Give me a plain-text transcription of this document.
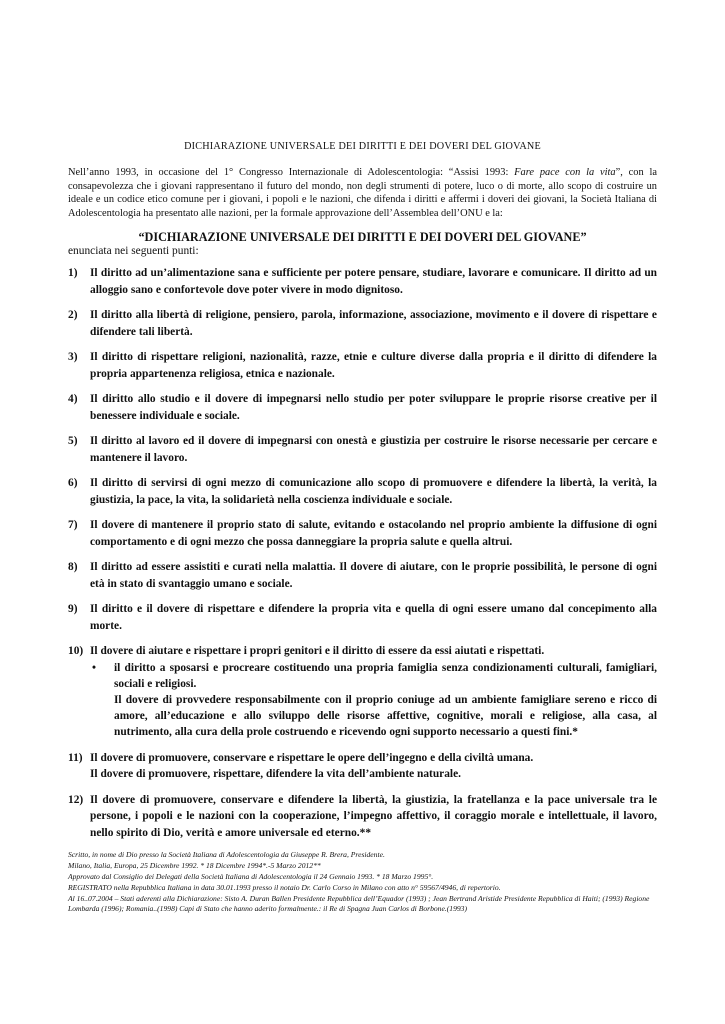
DICHIARAZIONE UNIVERSALE DEI DIRITTI E DEI DOVERI DEL GIOVANE

Nell’anno 1993, in occasione del 1° Congresso Internazionale di Adolescentologia: “Assisi 1993: Fare pace con la vita”, con la consapevolezza che i giovani rappresentano il futuro del mondo, non degli strumenti di potere, luco o di morte, allo scopo di costruire un ideale e un codice etico comune per i giovani, i popoli e le nazioni, che difenda i diritti e affermi i doveri dei giovani, la Società Italiana di Adolescentologia ha presentato alle nazioni, per la formale approvazione dell’Assemblea dell’ONU e la:

“DICHIARAZIONE UNIVERSALE DEI DIRITTI E DEI DOVERI DEL GIOVANE”
enunciata nei seguenti punti:
1)	Il diritto ad un’alimentazione sana e sufficiente per potere pensare, studiare, lavorare e comunicare. Il diritto ad un alloggio sano e confortevole dove poter vivere in modo dignitoso.
2)	Il diritto alla libertà di religione, pensiero, parola, informazione, associazione, movimento e il dovere di rispettare e difendere tali libertà.
3)	Il diritto di rispettare religioni, nazionalità, razze, etnie e culture diverse dalla propria e il diritto di difendere la propria appartenenza religiosa, etnica e nazionale.
4)	Il diritto allo studio e il dovere di impegnarsi nello studio per poter sviluppare le proprie risorse creative per il benessere individuale e sociale.
5)	Il diritto al lavoro ed il dovere di impegnarsi con onestà e giustizia per costruire le risorse necessarie per cercare e mantenere il lavoro.
6)	Il diritto di servirsi di ogni mezzo di comunicazione allo scopo di promuovere e difendere la libertà, la verità, la giustizia, la pace, la vita, la solidarietà nella coscienza individuale e sociale.
7)	Il dovere di mantenere il proprio stato di salute, evitando e ostacolando nel proprio ambiente la diffusione di ogni comportamento e di ogni mezzo che possa danneggiare la propria salute e quella altrui.
8)	Il diritto ad essere assistiti e curati nella malattia. Il dovere di aiutare, con le proprie possibilità, le persone di ogni età in stato di svantaggio umano e sociale.
9)	Il diritto e il dovere di rispettare e difendere la propria vita e quella di ogni essere umano dal concepimento alla morte.
10) Il dovere di aiutare e rispettare i propri genitori e il diritto di essere da essi aiutati e rispettati.
•	il diritto a sposarsi e procreare costituendo una propria famiglia senza condizionamenti culturali, famigliari, sociali e religiosi.
Il dovere di provvedere responsabilmente con il proprio coniuge ad un ambiente famigliare sereno e ricco di amore, all’educazione e allo sviluppo delle risorse affettive, cognitive, morali e religiose, alla casa, al nutrimento, alla cura della prole costruendo e ricevendo ogni supporto necessario a questi fini.*
11) Il dovere di promuovere, conservare e rispettare le opere dell’ingegno e della civiltà umana.
Il dovere di promuovere, rispettare, difendere la vita dell’ambiente naturale.
12) Il dovere di promuovere, conservare e difendere la libertà, la giustizia, la fratellanza e la pace universale tra le persone, i popoli e le nazioni con la cooperazione, l’impegno affettivo, il coraggio morale e intellettuale, il lavoro, nello spirito di Dio, verità e amore universale ed eterno.**
Scritto, in nome di Dio presso la Società Italiana di Adolescentologia da Giuseppe R. Brera, Presidente.
Milano, Italia, Europa, 25 Dicembre 1992. * 18 Dicembre 1994*.-5 Marzo 2012**
Approvato dal Consiglio dei Delegati della Società Italiana di Adolescentologia il 24 Gennaio 1993. * 18 Marzo 1995°.
REGISTRATO nella Repubblica Italiana in data 30.01.1993 presso il notaio Dr. Carlo Corso in Milano con atto n° 59567/4946, di repertorio.
Al 16..07.2004 – Stati aderenti alla Dichiarazione: Sisto A. Duran Ballen Presidente Repubblica dell’Equador (1993) ; Jean Bertrand Aristide Presidente Repubblica di Haiti; (1993) Regione Lombarda (1996); Romania..(1998) Capi di Stato che hanno aderito formalmente.: il Re di Spagna Juan Carlos di Borbone.(1993)
